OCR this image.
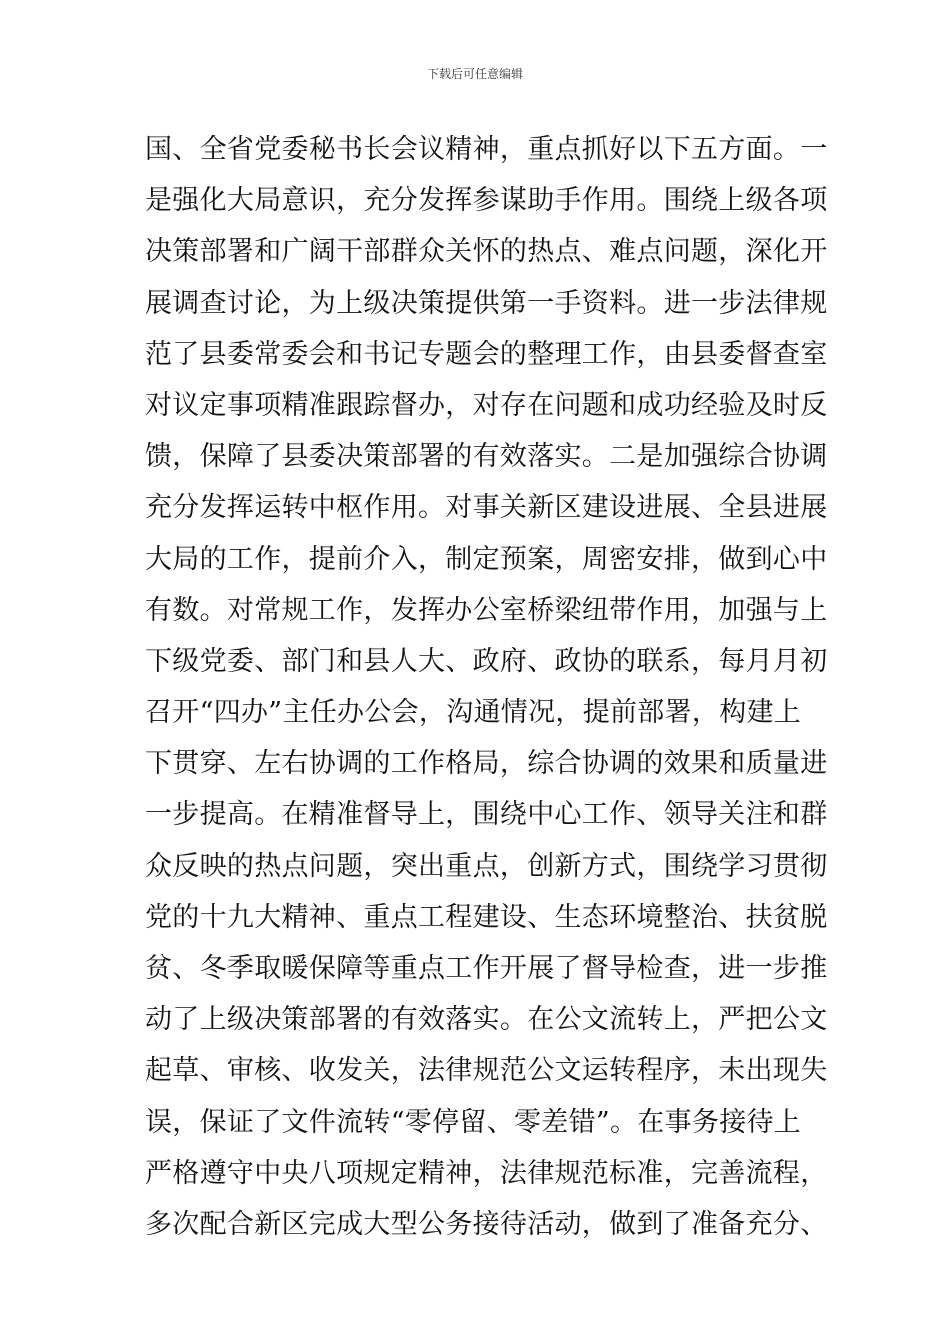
下载后可任意编辑
国、全省党委秘书长会议精神，重点抓好以下五方面。一
是强化大局意识，充分发挥参谋助手作用。围绕上级各项
决策部署和广阔干部群众关怀的热点、难点问题，深化开
展调查讨论，为上级决策提供第一手资料。进一步法律规
范了县委常委会和书记专题会的整理工作，由县委督查室
对议定事项精准跟踪督办，对存在问题和成功经验及时反
馈，保障了县委决策部署的有效落实。二是加强综合协调
充分发挥运转中枢作用。对事关新区建设进展、全县进展
大局的工作，提前介入，制定预案，周密安排，做到心中
有数。对常规工作，发挥办公室桥梁纽带作用，加强与上
下级党委、部门和县人大、政府、政协的联系，每月月初
召开“四办”主任办公会，沟通情况，提前部署，构建上
下贯穿、左右协调的工作格局，综合协调的效果和质量进
一步提高。在精准督导上，围绕中心工作、领导关注和群
众反映的热点问题，突出重点，创新方式，围绕学习贯彻
党的十九大精神、重点工程建设、生态环境整治、扶贫脱
贫、冬季取暖保障等重点工作开展了督导检查，进一步推
动了上级决策部署的有效落实。在公文流转上，严把公文
起草、审核、收发关，法律规范公文运转程序，未出现失
误，保证了文件流转“零停留、零差错”。在事务接待上
严格遵守中央八项规定精神，法律规范标准，完善流程，
多次配合新区完成大型公务接待活动，做到了准备充分、
